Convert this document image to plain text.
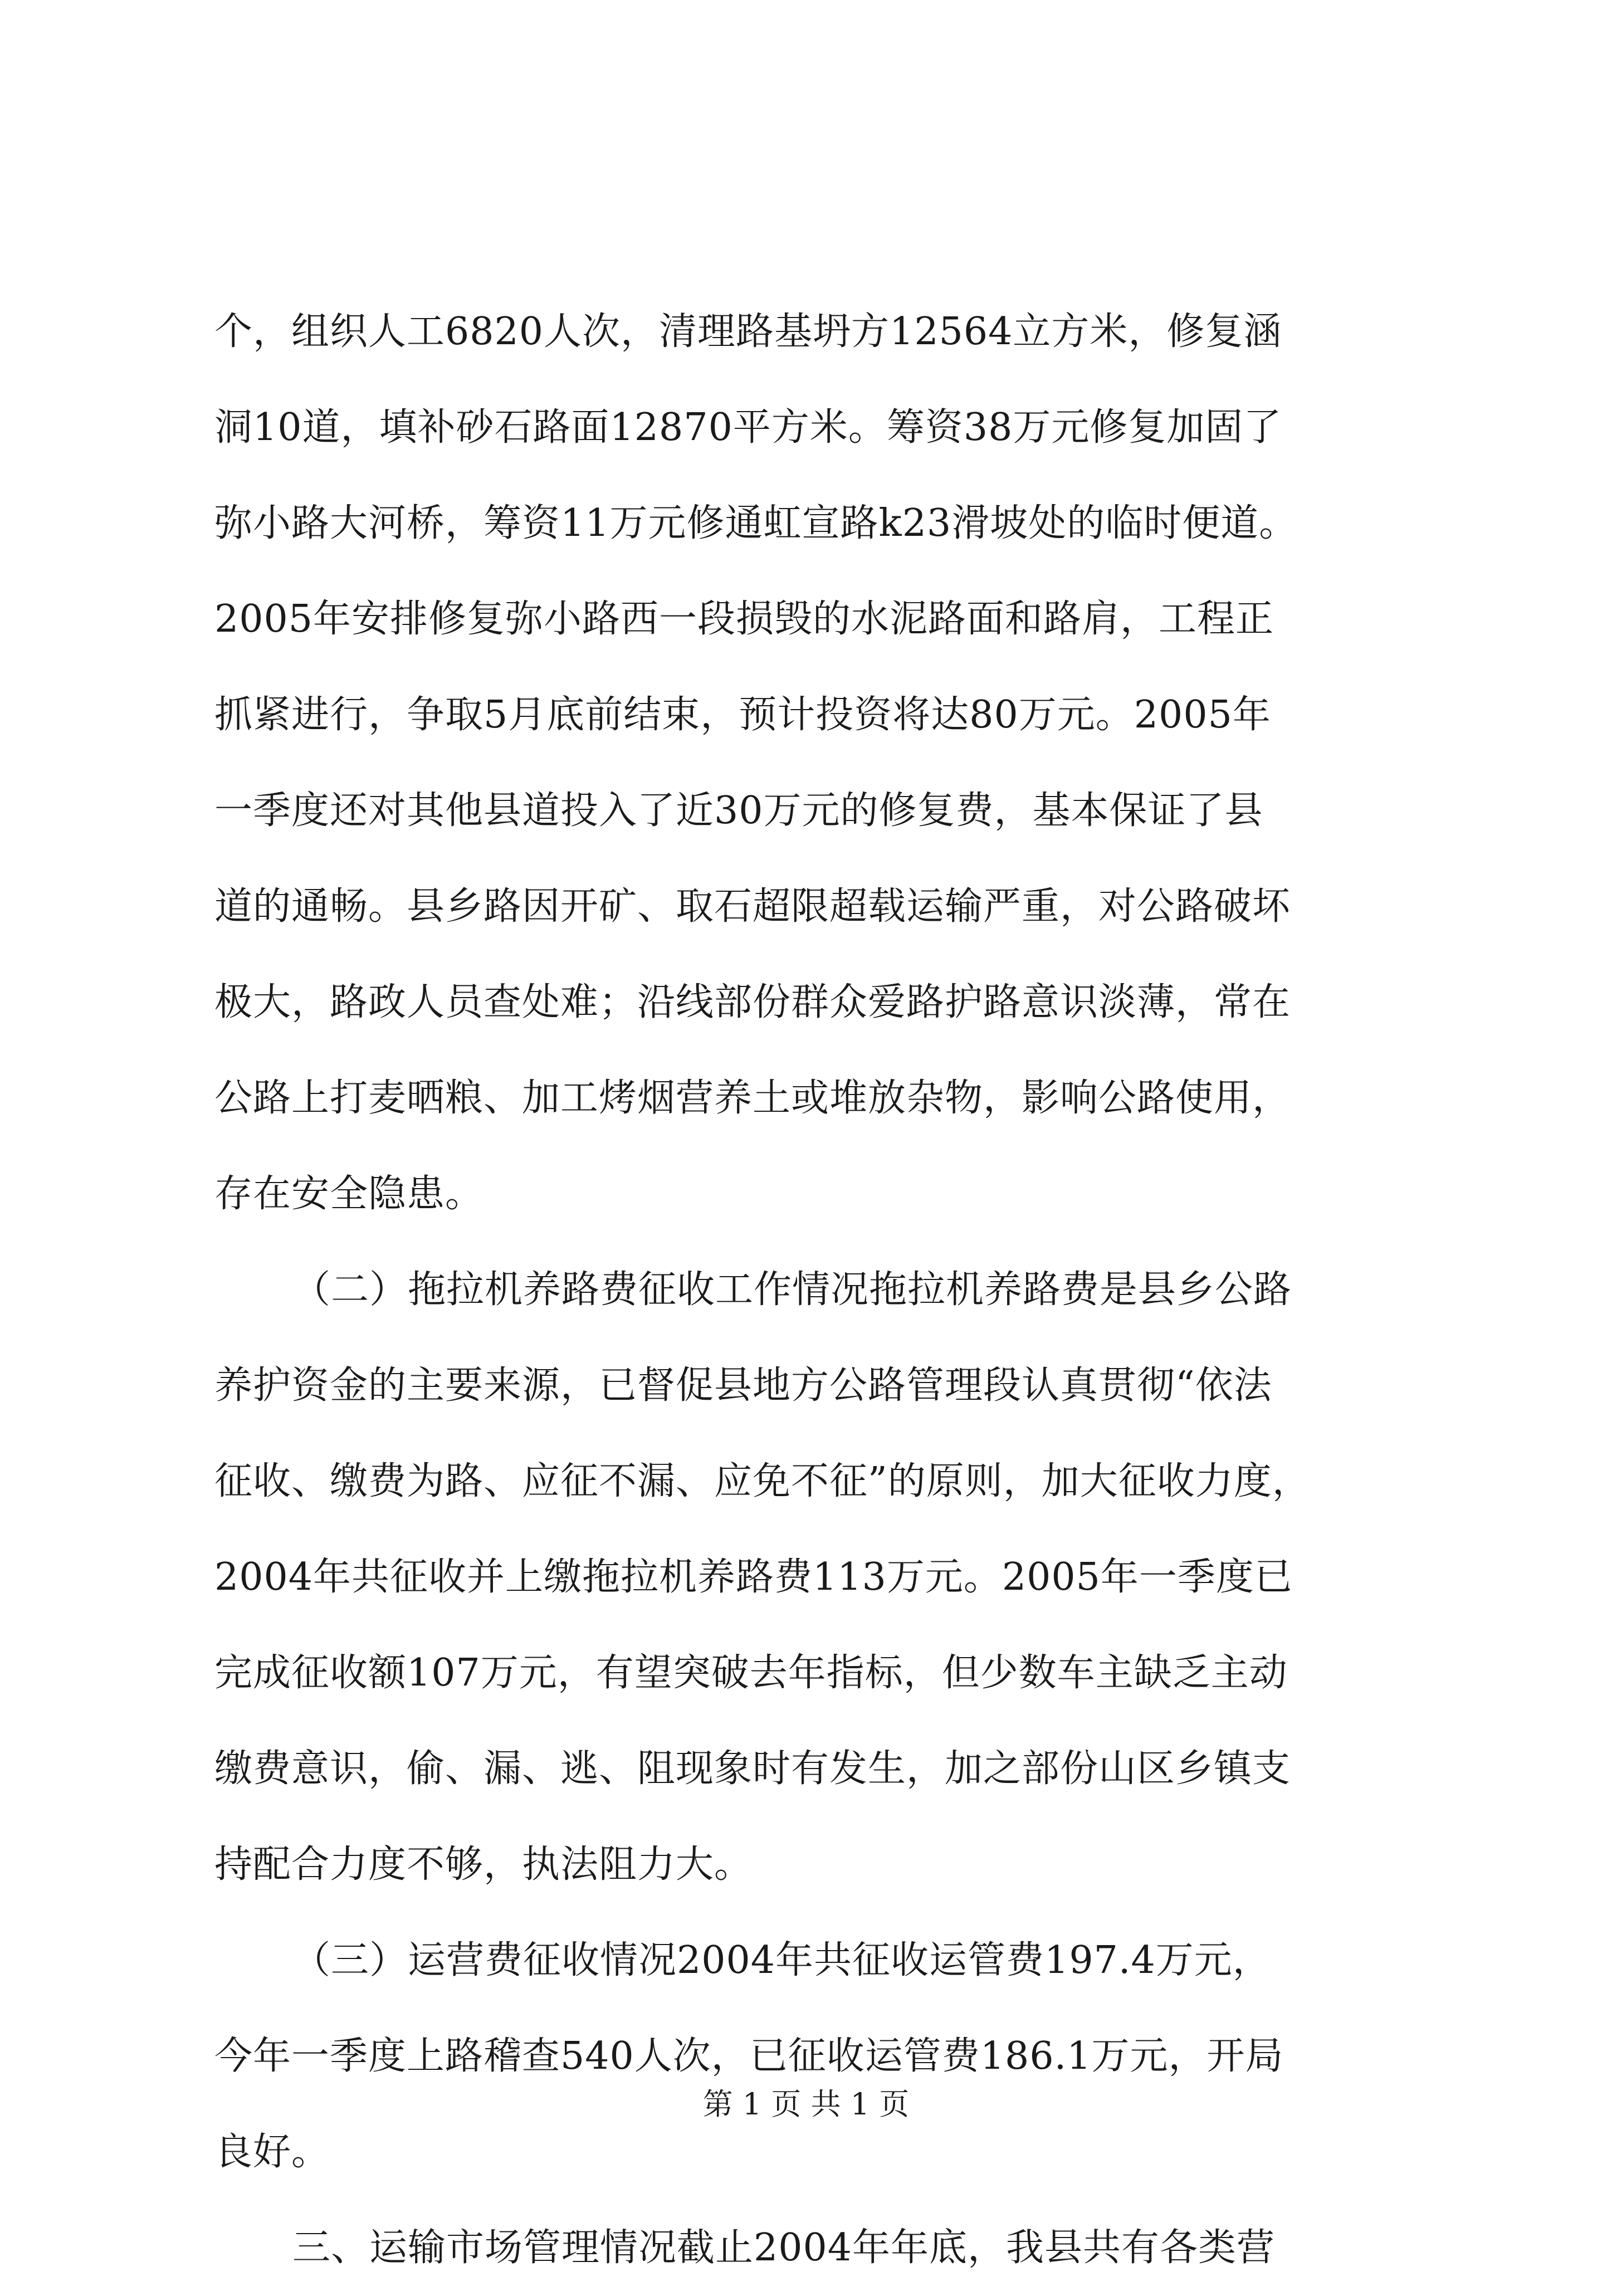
个，组织人工6820人次，清理路基坍方12564立方米，修复涵
洞10道，填补砂石路面12870平方米。筹资38万元修复加固了
弥小路大河桥，筹资11万元修通虹宣路k23滑坡处的临时便道。
2005年安排修复弥小路西一段损毁的水泥路面和路肩，工程正
抓紧进行，争取5月底前结束，预计投资将达80万元。2005年
一季度还对其他县道投入了近30万元的修复费，基本保证了县
道的通畅。县乡路因开矿、取石超限超载运输严重，对公路破坏
极大，路政人员查处难；沿线部份群众爱路护路意识淡薄，常在
公路上打麦晒粮、加工烤烟营养土或堆放杂物，影响公路使用，
存在安全隐患。
（二）拖拉机养路费征收工作情况拖拉机养路费是县乡公路
养护资金的主要来源，已督促县地方公路管理段认真贯彻“依法
征收、缴费为路、应征不漏、应免不征”的原则，加大征收力度，
2004年共征收并上缴拖拉机养路费113万元。2005年一季度已
完成征收额107万元，有望突破去年指标，但少数车主缺乏主动
缴费意识，偷、漏、逃、阻现象时有发生，加之部份山区乡镇支
持配合力度不够，执法阻力大。
（三）运营费征收情况2004年共征收运管费197.4万元，
今年一季度上路稽查540人次，已征收运管费186.1万元，开局
良好。
三、运输市场管理情况截止2004年年底，我县共有各类营
第 1 页 共 1 页
